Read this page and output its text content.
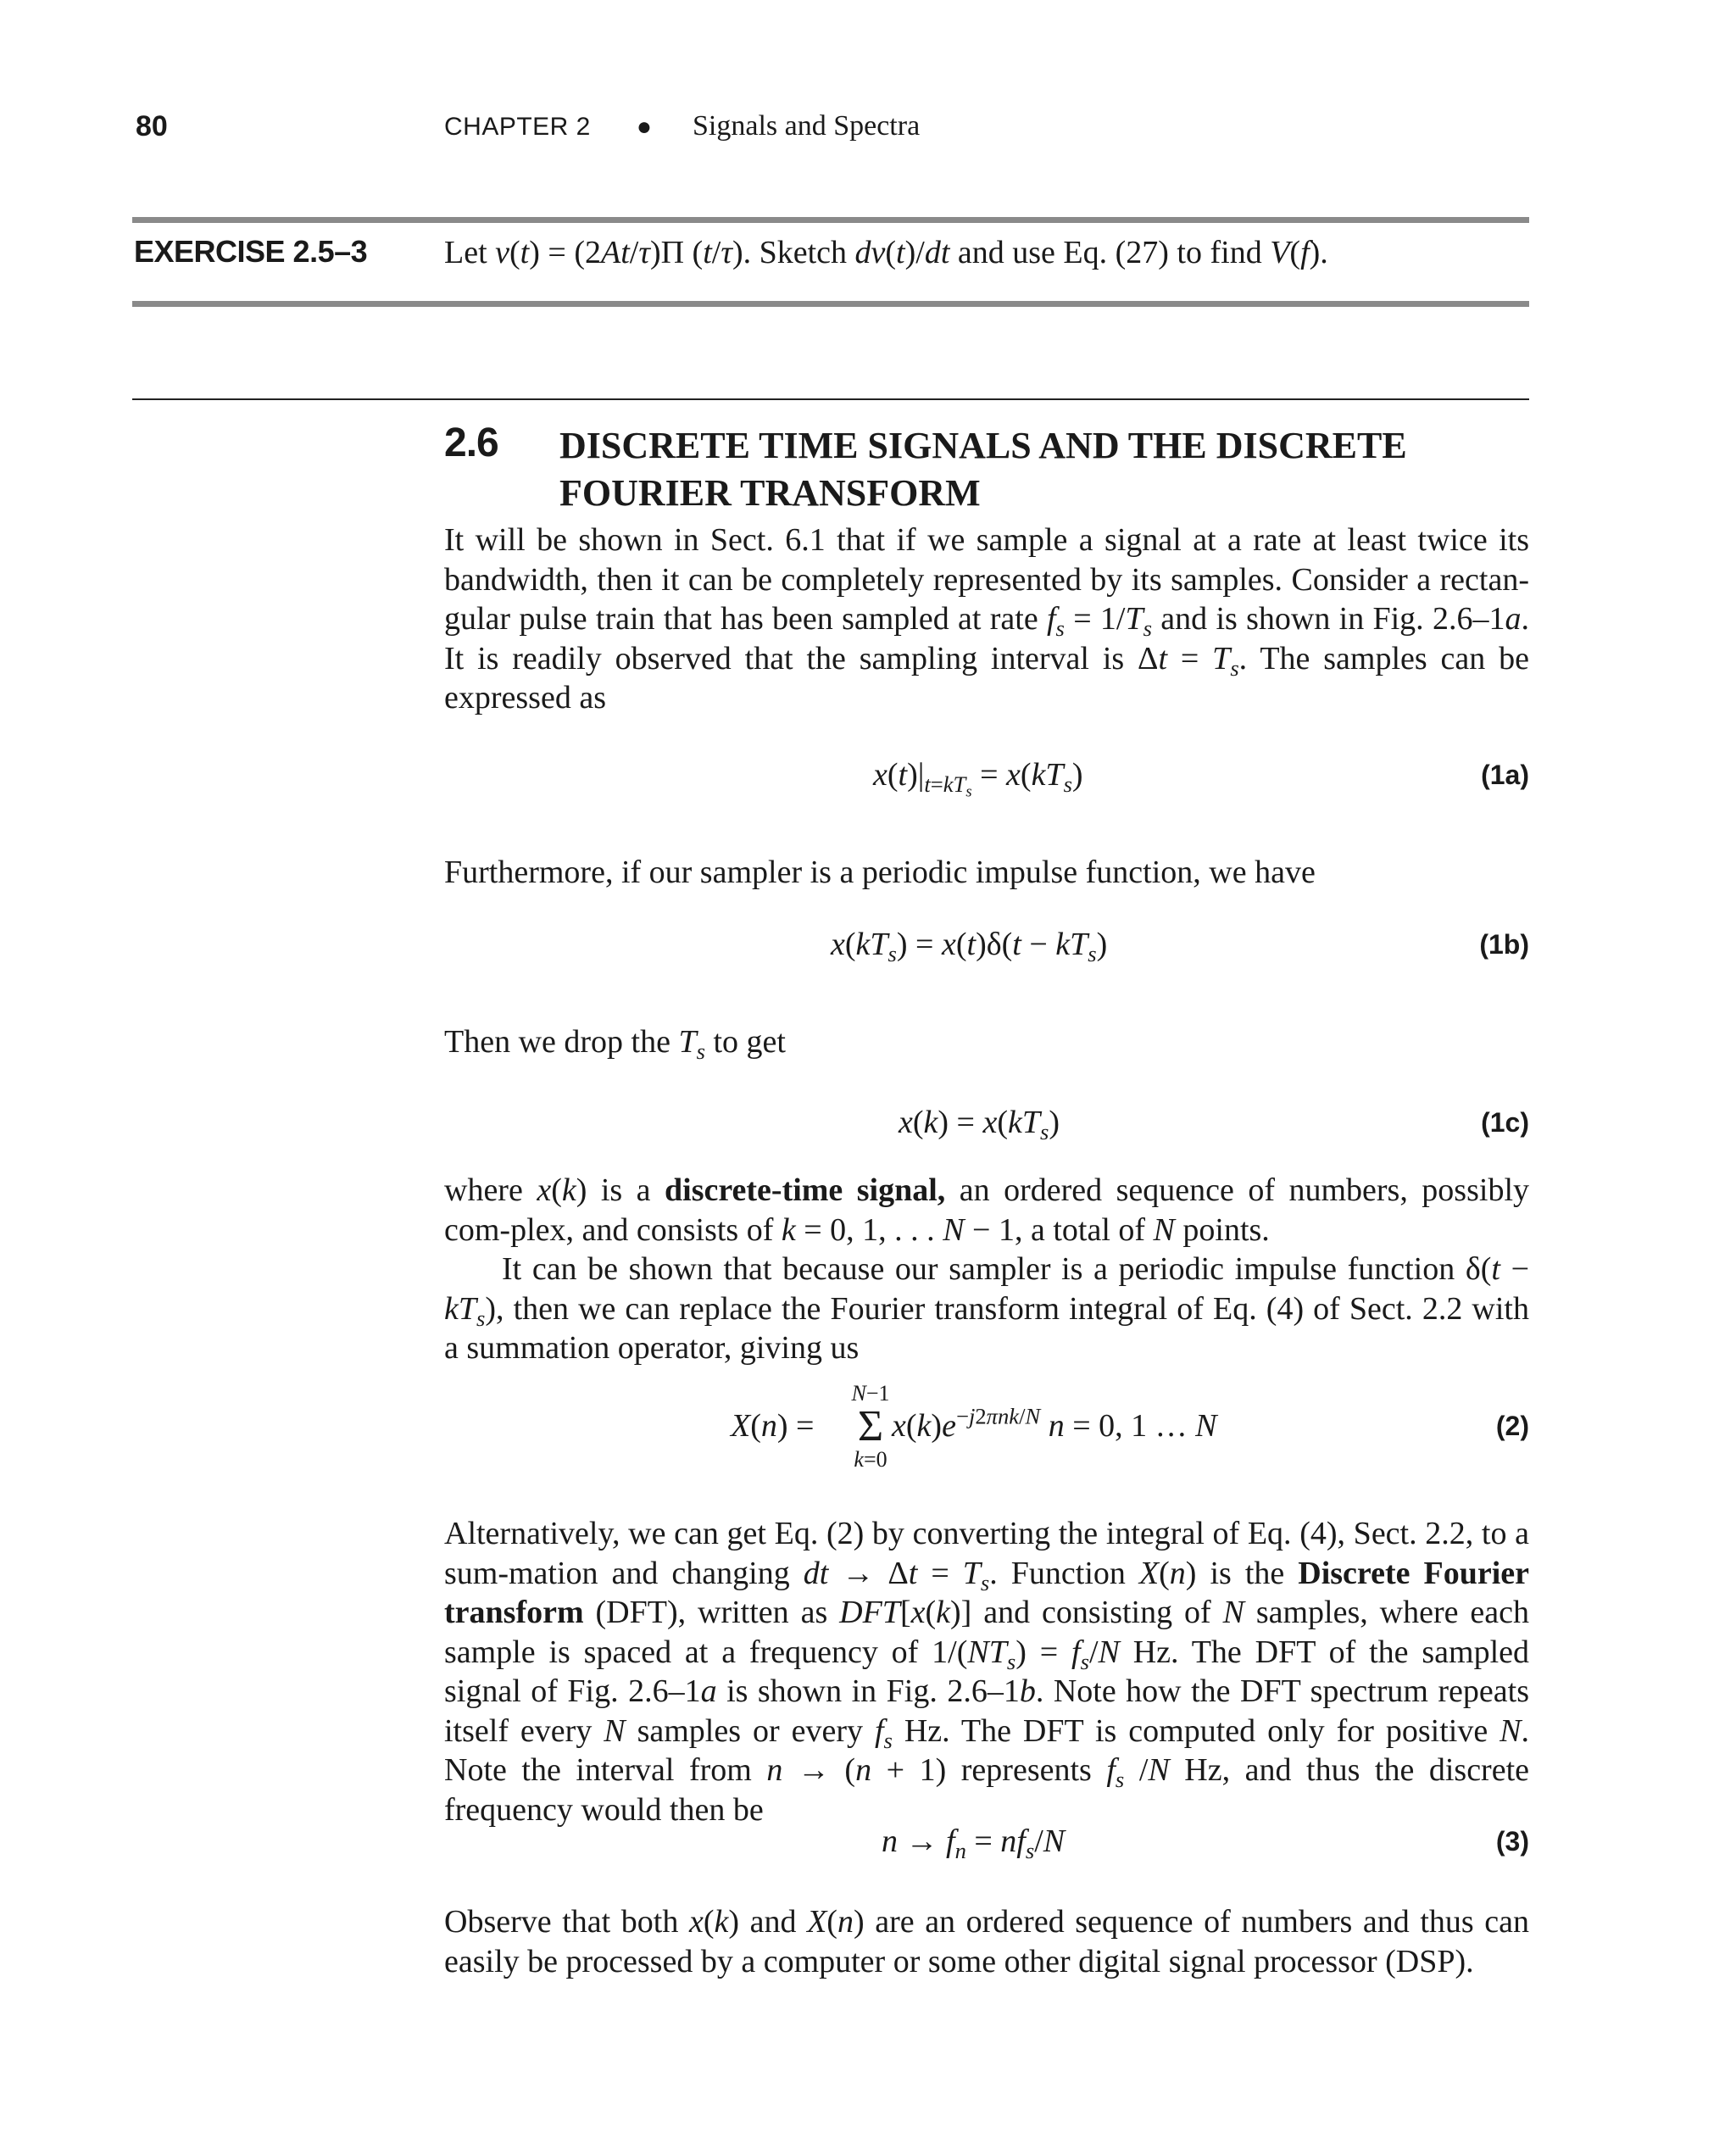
80	CHAPTER 2 ● Signals and Spectra
EXERCISE 2.5–3 Let v(t) = (2At/τ)Π (t/τ). Sketch dv(t)/dt and use Eq. (27) to find V(f).
2.6 DISCRETE TIME SIGNALS AND THE DISCRETE FOURIER TRANSFORM
It will be shown in Sect. 6.1 that if we sample a signal at a rate at least twice its bandwidth, then it can be completely represented by its samples. Consider a rectan-gular pulse train that has been sampled at rate $f_s = 1/T_s$ and is shown in Fig. 2.6–1a. It is readily observed that the sampling interval is $\Delta t = T_s$. The samples can be expressed as
$x(t)|_{t=kT_s} = x(kT_s)$	(1a)
Furthermore, if our sampler is a periodic impulse function, we have
$x(kT_s) = x(t)\delta(t - kT_s)$	(1b)
Then we drop the $T_s$ to get
$x(k) = x(kT_s)$	(1c)
where x(k) is a discrete-time signal, an ordered sequence of numbers, possibly com-plex, and consists of k = 0, 1, . . . N − 1, a total of N points.
It can be shown that because our sampler is a periodic impulse function $\delta(t - kT_s)$, then we can replace the Fourier transform integral of Eq. (4) of Sect. 2.2 with a summation operator, giving us
X(n) =
N−1
Σ
k=0
$x(k)e^{-j2\pi nk/N}$ n = 0, 1 … N	(2)
Alternatively, we can get Eq. (2) by converting the integral of Eq. (4), Sect. 2.2, to a sum-mation and changing dt → $\Delta t = T_s$. Function X(n) is the Discrete Fourier transform (DFT), written as DFT[x(k)] and consisting of N samples, where each sample is spaced at a frequency of $1/(NT_s) = f_s/N$ Hz. The DFT of the sampled signal of Fig. 2.6–1a is shown in Fig. 2.6–1b. Note how the DFT spectrum repeats itself every N samples or every $f_s$ Hz. The DFT is computed only for positive N. Note the interval from n → (n + 1) represents $f_s$ /N Hz, and thus the discrete frequency would then be
$n \to f_n = nf_s/N$	(3)
Observe that both x(k) and X(n) are an ordered sequence of numbers and thus can easily be processed by a computer or some other digital signal processor (DSP).
